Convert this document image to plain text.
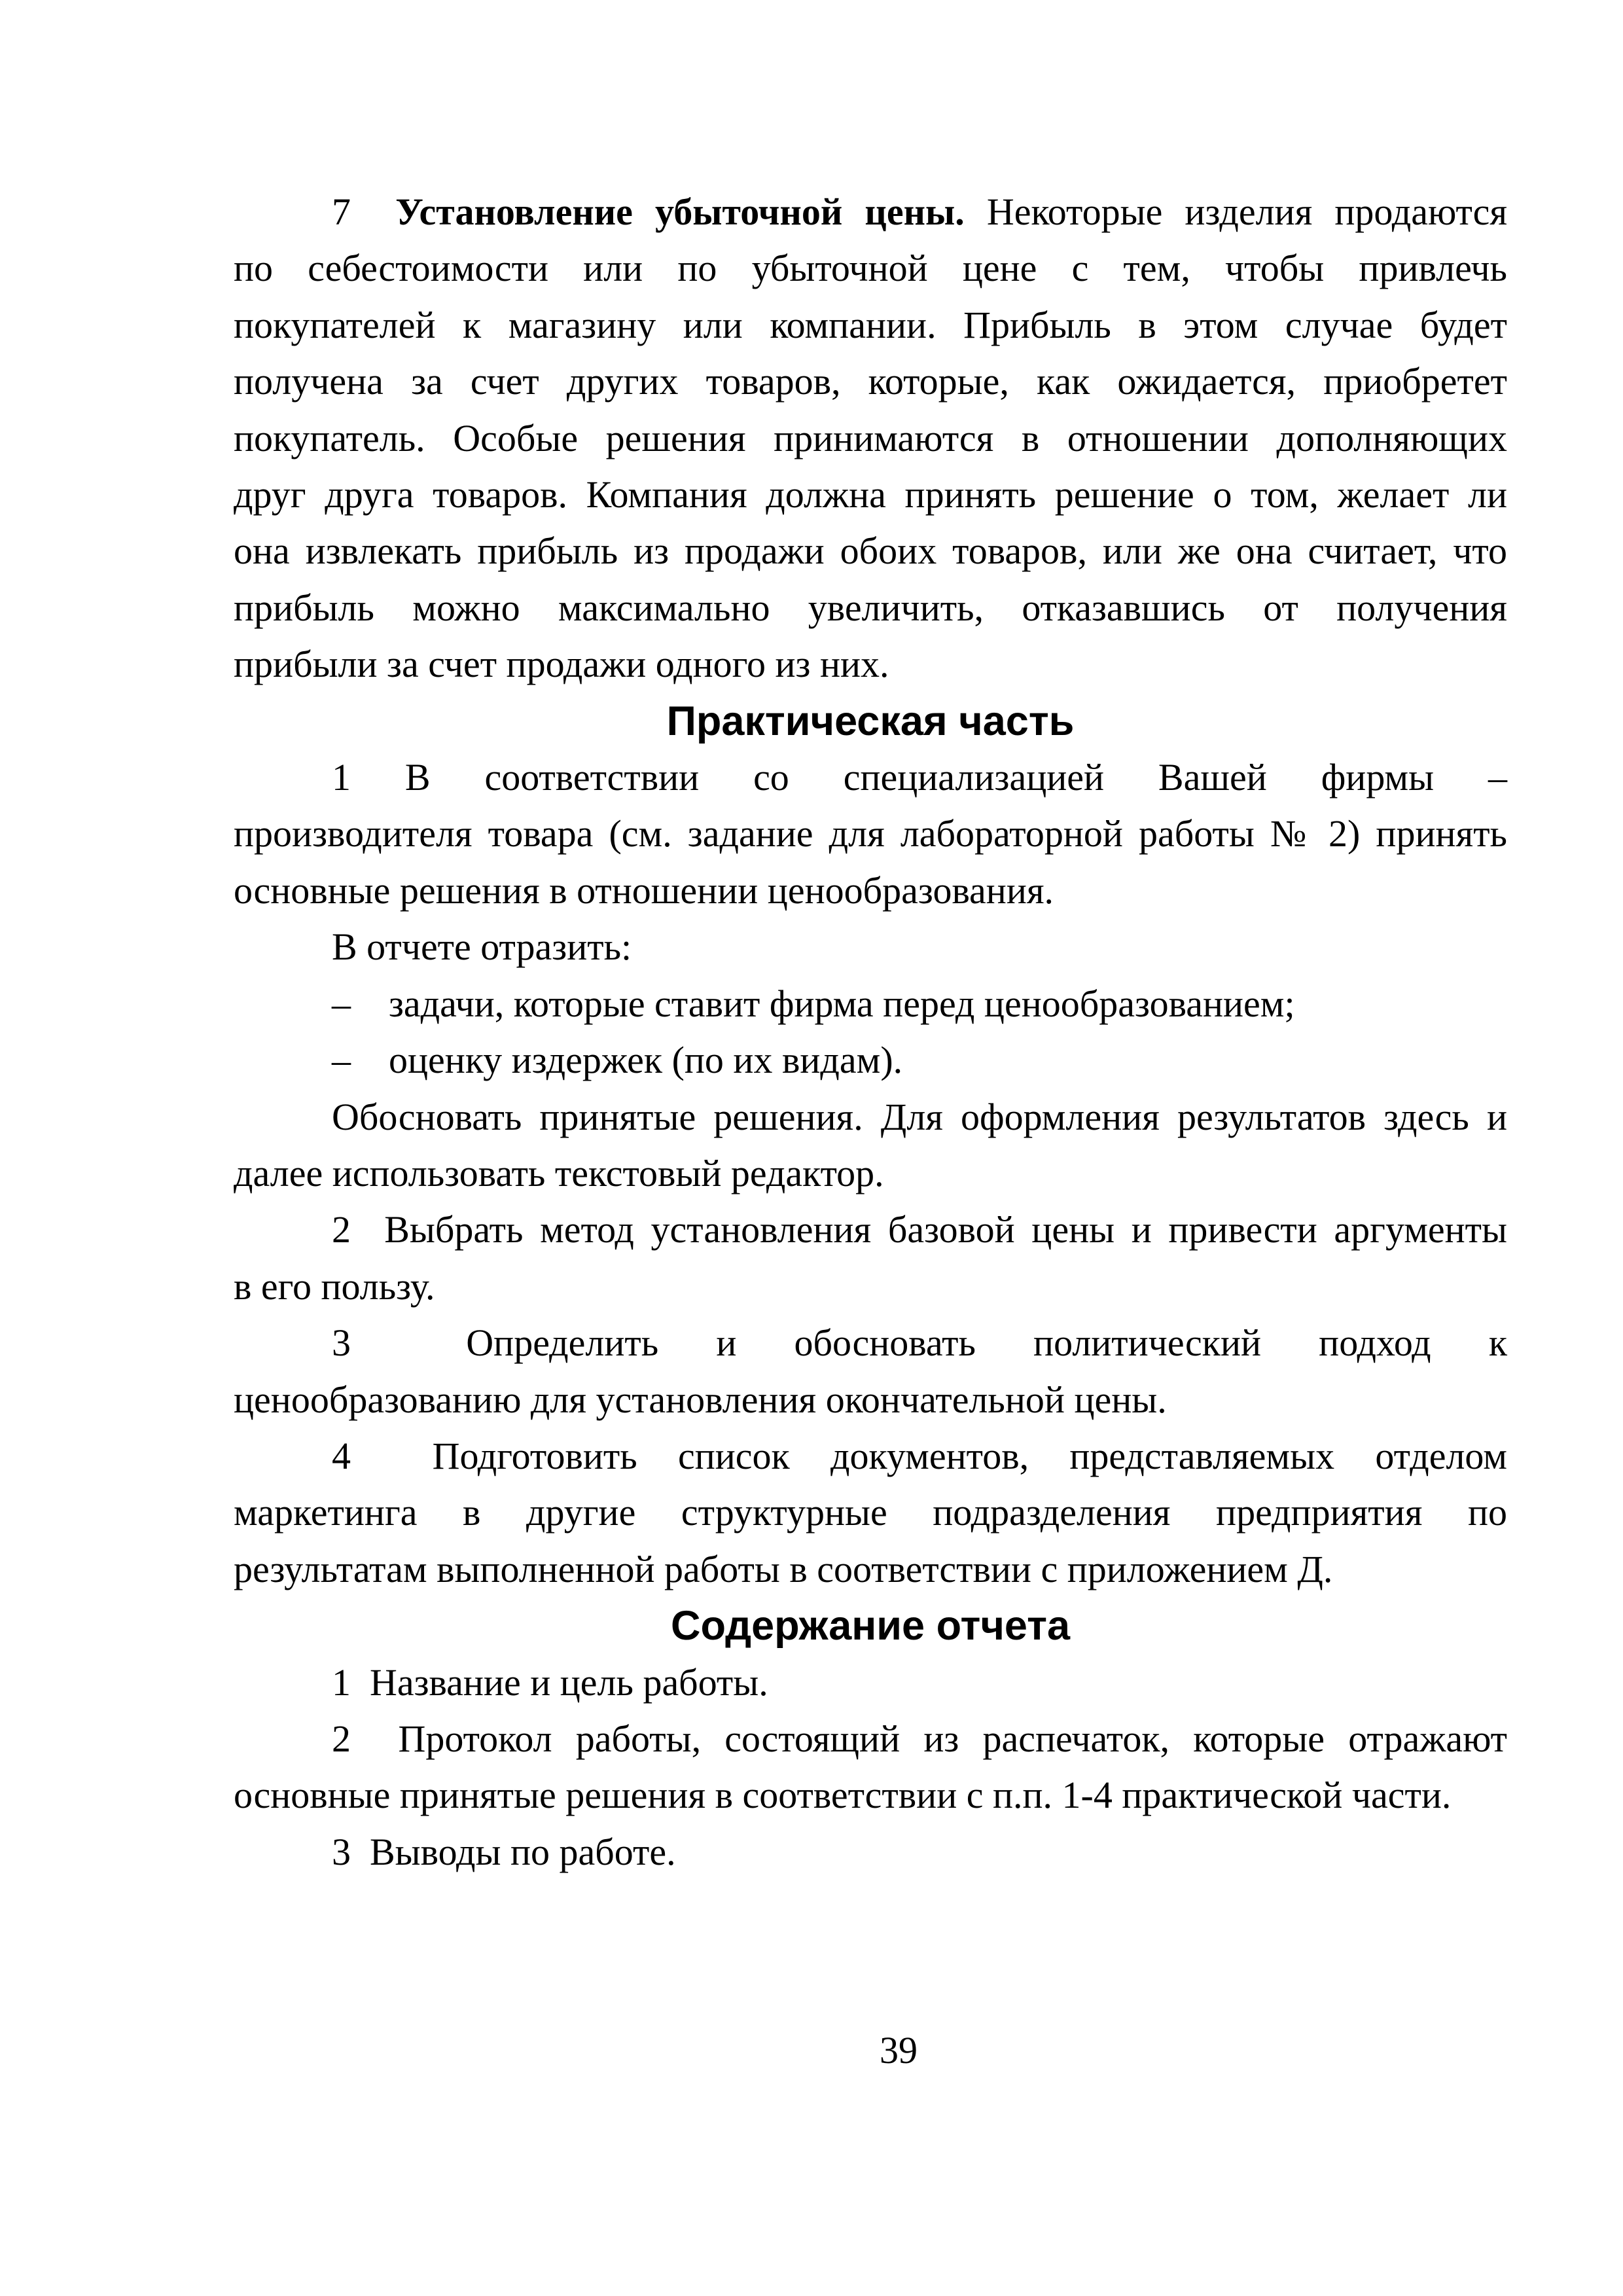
7  Установление убыточной цены. Некоторые изделия продаются
по себестоимости или по убыточной цене с тем, чтобы привлечь
покупателей к магазину или компании. Прибыль в этом случае будет
получена за счет других товаров, которые, как ожидается, приобретет
покупатель. Особые решения принимаются в отношении дополняющих
друг друга товаров. Компания должна принять решение о том, желает ли
она извлекать прибыль из продажи обоих товаров, или же она считает, что
прибыль можно максимально увеличить, отказавшись от получения
прибыли за счет продажи одного из них.
Практическая часть
1 В соответствии со специализацией Вашей фирмы –
производителя товара (см. задание для лабораторной работы № 2) принять
основные решения в отношении ценообразования.
В отчете отразить:
–    задачи, которые ставит фирма перед ценообразованием;
–    оценку издержек (по их видам).
Обосновать принятые решения. Для оформления результатов здесь и
далее использовать текстовый редактор.
2  Выбрать метод установления базовой цены и привести аргументы
в его пользу.
3  Определить и обосновать политический подход к
ценообразованию для установления окончательной цены.
4  Подготовить список документов, представляемых отделом
маркетинга в другие структурные подразделения предприятия по
результатам выполненной работы в соответствии с приложением Д.
Содержание отчета
1  Название и цель работы.
2  Протокол работы, состоящий из распечаток, которые отражают
основные принятые решения в соответствии с п.п. 1-4 практической части.
3  Выводы по работе.
39
